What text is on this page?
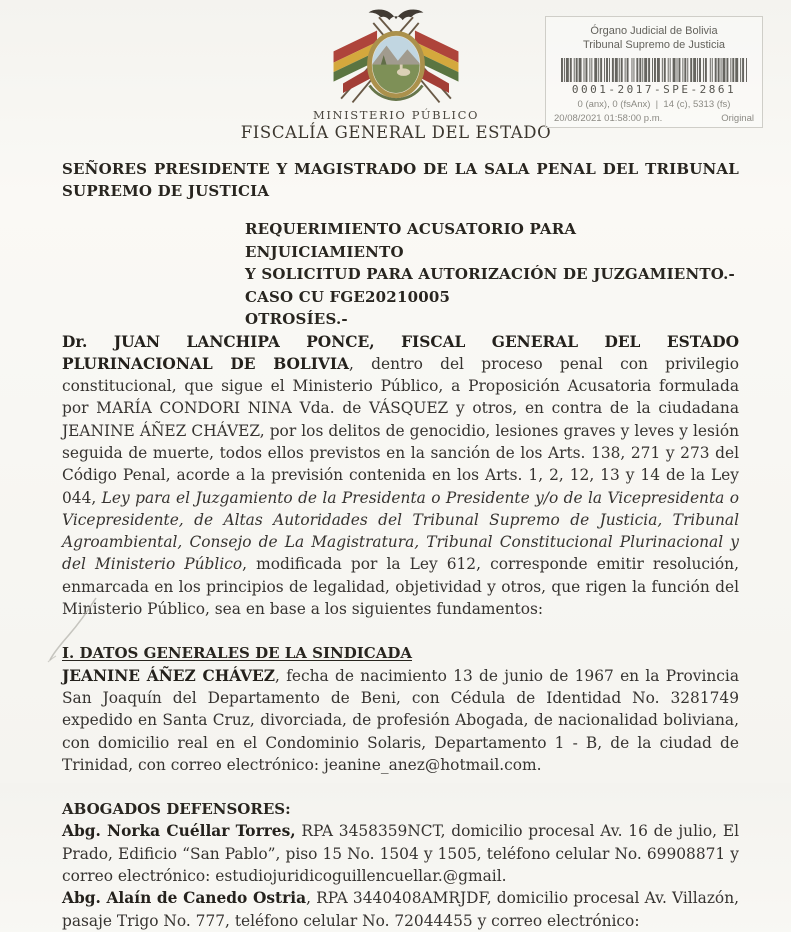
MINISTERIO PÚBLICO
FISCALÍA GENERAL DEL ESTADO
Órgano Judicial de Bolivia
Tribunal Supremo de Justicia
0001-2017-SPE-2861
0 (anx), 0 (fsAnx)  |  14 (c), 5313 (fs)
20/08/2021 01:58:00 p.m.	Original

SEÑORES PRESIDENTE Y MAGISTRADO DE LA SALA PENAL DEL TRIBUNAL SUPREMO DE JUSTICIA

REQUERIMIENTO ACUSATORIO PARA ENJUICIAMIENTO
Y SOLICITUD PARA AUTORIZACIÓN DE JUZGAMIENTO.-
CASO CU FGE20210005
OTROSÍES.-

Dr. JUAN LANCHIPA PONCE, FISCAL GENERAL DEL ESTADO PLURINACIONAL DE BOLIVIA, dentro del proceso penal con privilegio constitucional, que sigue el Ministerio Público, a Proposición Acusatoria formulada por MARÍA CONDORI NINA Vda. de VÁSQUEZ y otros, en contra de la ciudadana JEANINE ÁÑEZ CHÁVEZ, por los delitos de genocidio, lesiones graves y leves y lesión seguida de muerte, todos ellos previstos en la sanción de los Arts. 138, 271 y 273 del Código Penal, acorde a la previsión contenida en los Arts. 1, 2, 12, 13 y 14 de la Ley 044, Ley para el Juzgamiento de la Presidenta o Presidente y/o de la Vicepresidenta o Vicepresidente, de Altas Autoridades del Tribunal Supremo de Justicia, Tribunal Agroambiental, Consejo de La Magistratura, Tribunal Constitucional Plurinacional y del Ministerio Público, modificada por la Ley 612, corresponde emitir resolución, enmarcada en los principios de legalidad, objetividad y otros, que rigen la función del Ministerio Público, sea en base a los siguientes fundamentos:

I. DATOS GENERALES DE LA SINDICADA

JEANINE ÁÑEZ CHÁVEZ, fecha de nacimiento 13 de junio de 1967 en la Provincia San Joaquín del Departamento de Beni, con Cédula de Identidad No. 3281749 expedido en Santa Cruz, divorciada, de profesión Abogada, de nacionalidad boliviana, con domicilio real en el Condominio Solaris, Departamento 1 - B, de la ciudad de Trinidad, con correo electrónico: jeanine_anez@hotmail.com.

ABOGADOS DEFENSORES:

Abg. Norka Cuéllar Torres, RPA 3458359NCT, domicilio procesal Av. 16 de julio, El Prado, Edificio “San Pablo”, piso 15 No. 1504 y 1505, teléfono celular No. 69908871 y correo electrónico: estudiojuridicoguillencuellar.@gmail.

Abg. Alaín de Canedo Ostria, RPA 3440408AMRJDF, domicilio procesal Av. Villazón, pasaje Trigo No. 777, teléfono celular No. 72044455 y correo electrónico:
